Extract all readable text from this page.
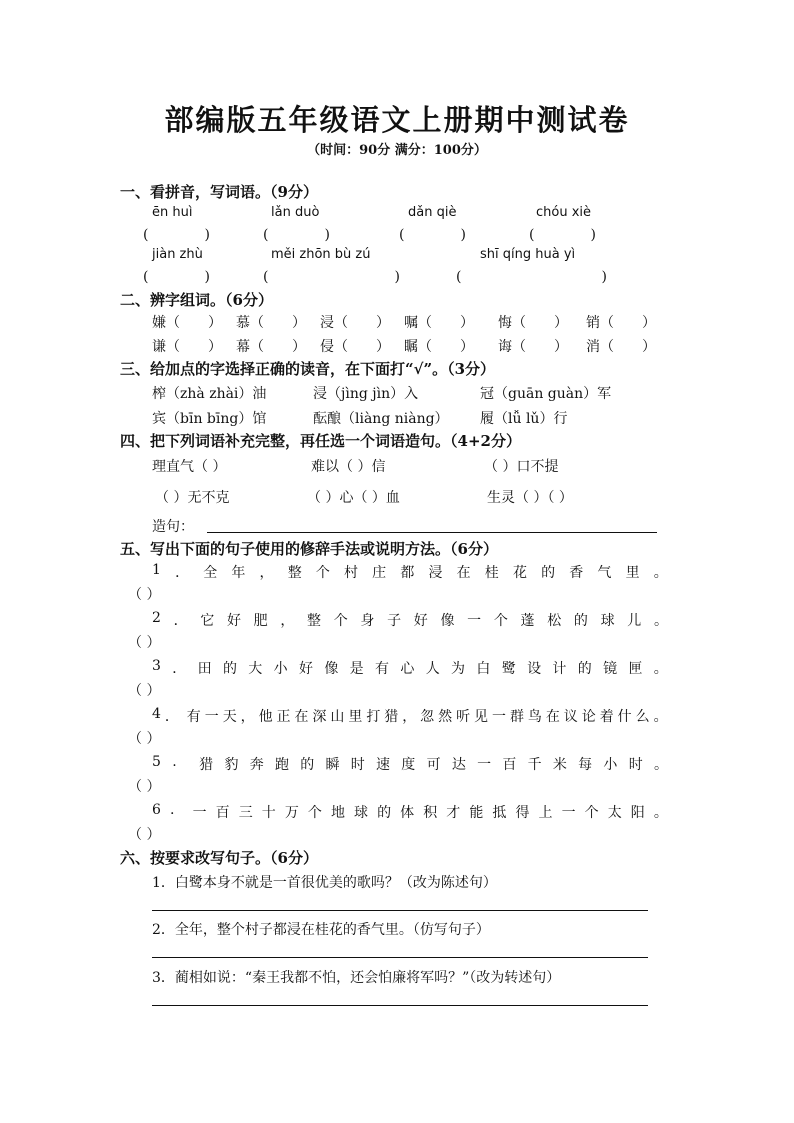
部编版五年级语文上册期中测试卷
（时间：90分 满分：100分）
一、看拼音，写词语。（9分）
ēn huì	lǎn duò	dǎn qiè	chóu xiè
(　　　　)	(　　　　)	(　　　　)	(　　　　)
jiàn zhù	měi zhōn bù zú	shī qíng huà yì
(　　　　)	(　　　　　　　　　)	(　　　　　　　　　　)
二、辨字组词。（6分）
嫌（　　） 慕（　　） 浸（　　） 嘱（　　） 悔（　　） 销（　　）
谦（　　） 幕（　　） 侵（　　） 瞩（　　） 诲（　　） 消（　　）
三、给加点的字选择正确的读音，在下面打“√”。（3分）
榨（zhà zhài）油	浸（jìng jìn）入	冠（guān guàn）军
宾（bīn bīng）馆	酝酿（liàng niàng） 履（lǚ lǔ）行
四、把下列词语补充完整，再任选一个词语造句。（4+2分）
理直气（ ）	难以（ ）信	（ ）口不提
（ ）无不克	（ ）心（ ）血	生灵（ ）（ ）
造句：
五、写出下面的句子使用的修辞手法或说明方法。（6分）
1 ． 全 年 ， 整 个 村 庄 都 浸 在 桂 花 的 香 气 里 。
（ ）
2 ． 它 好 肥 ， 整 个 身 子 好 像 一 个 蓬 松 的 球 儿 。
（ ）
3 ． 田 的 大 小 好 像 是 有 心 人 为 白 鹭 设 计 的 镜 匣 。
（ ）
4 ． 有 一 天 ， 他 正 在 深 山 里 打 猎 ， 忽 然 听 见 一 群 鸟 在 议 论 着 什 么 。
（ ）
5 . 猎 豹 奔 跑 的 瞬 时 速 度 可 达 一 百 千 米 每 小 时 。
（ ）
6 . 一 百 三 十 万 个 地 球 的 体 积 才 能 抵 得 上 一 个 太 阳 。
（ ）
六、按要求改写句子。（6分）
1．白鹭本身不就是一首很优美的歌吗？（改为陈述句）
2．全年，整个村子都浸在桂花的香气里。（仿写句子）
3．蔺相如说：“秦王我都不怕，还会怕廉将军吗？”（改为转述句）
